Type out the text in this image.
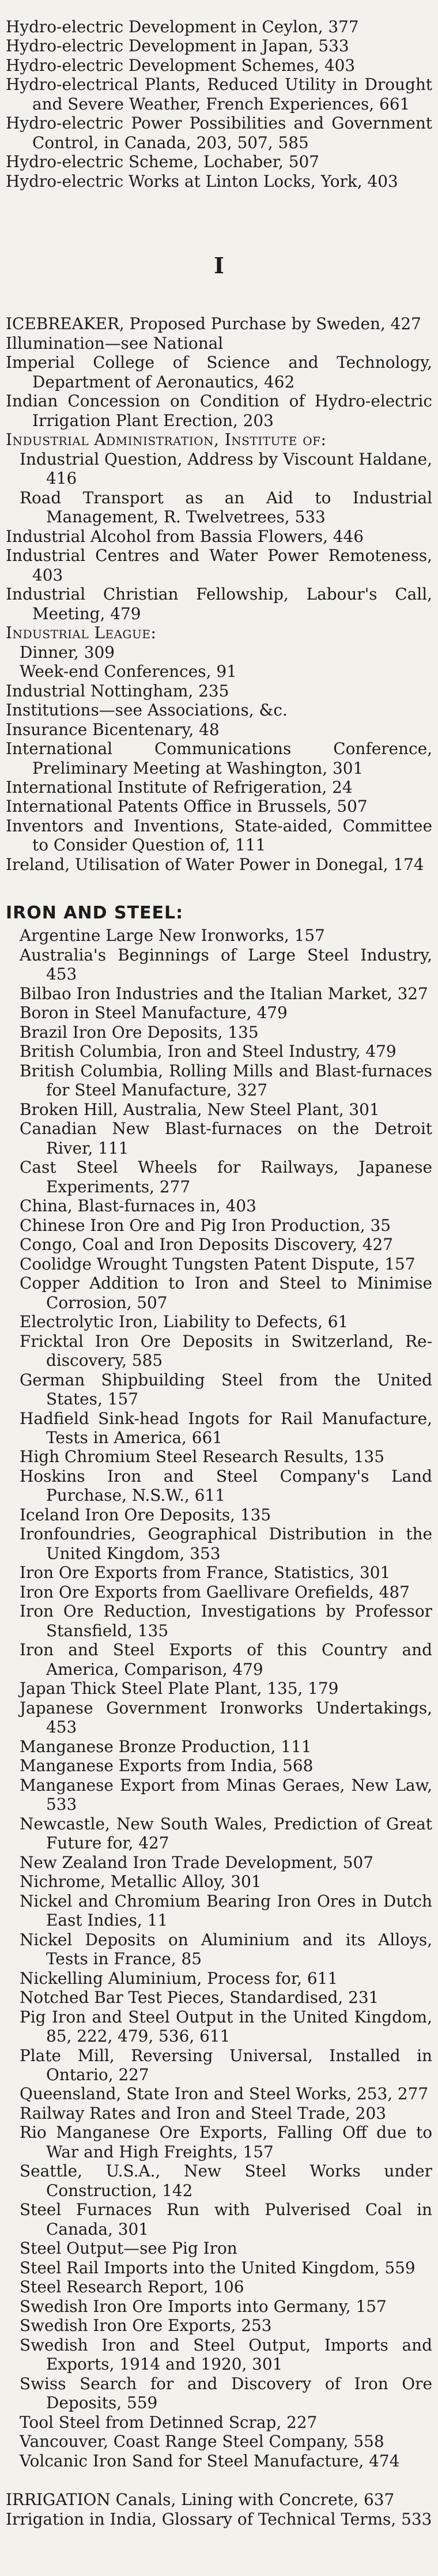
Hydro-electric Development in Ceylon, 377
Hydro-electric Development in Japan, 533
Hydro-electric Development Schemes, 403
Hydro-electrical Plants, Reduced Utility in Drought and Severe Weather, French Experiences, 661
Hydro-electric Power Possibilities and Government Control, in Canada, 203, 507, 585
Hydro-electric Scheme, Lochaber, 507
Hydro-electric Works at Linton Locks, York, 403
I
ICEBREAKER, Proposed Purchase by Sweden, 427
Illumination—see National
Imperial College of Science and Technology, Department of Aeronautics, 462
Indian Concession on Condition of Hydro-electric Irrigation Plant Erection, 203
Industrial Administration, Institute of:
Industrial Question, Address by Viscount Haldane, 416
Road Transport as an Aid to Industrial Management, R. Twelvetrees, 533
Industrial Alcohol from Bassia Flowers, 446
Industrial Centres and Water Power Remoteness, 403
Industrial Christian Fellowship, Labour's Call, Meeting, 479
Industrial League:
Dinner, 309
Week-end Conferences, 91
Industrial Nottingham, 235
Institutions—see Associations, &c.
Insurance Bicentenary, 48
International Communications Conference, Preliminary Meeting at Washington, 301
International Institute of Refrigeration, 24
International Patents Office in Brussels, 507
Inventors and Inventions, State-aided, Committee to Consider Question of, 111
Ireland, Utilisation of Water Power in Donegal, 174
IRON AND STEEL:
Argentine Large New Ironworks, 157
Australia's Beginnings of Large Steel Industry, 453
Bilbao Iron Industries and the Italian Market, 327
Boron in Steel Manufacture, 479
Brazil Iron Ore Deposits, 135
British Columbia, Iron and Steel Industry, 479
British Columbia, Rolling Mills and Blast-furnaces for Steel Manufacture, 327
Broken Hill, Australia, New Steel Plant, 301
Canadian New Blast-furnaces on the Detroit River, 111
Cast Steel Wheels for Railways, Japanese Experiments, 277
China, Blast-furnaces in, 403
Chinese Iron Ore and Pig Iron Production, 35
Congo, Coal and Iron Deposits Discovery, 427
Coolidge Wrought Tungsten Patent Dispute, 157
Copper Addition to Iron and Steel to Minimise Corrosion, 507
Electrolytic Iron, Liability to Defects, 61
Fricktal Iron Ore Deposits in Switzerland, Re-discovery, 585
German Shipbuilding Steel from the United States, 157
Hadfield Sink-head Ingots for Rail Manufacture, Tests in America, 661
High Chromium Steel Research Results, 135
Hoskins Iron and Steel Company's Land Purchase, N.S.W., 611
Iceland Iron Ore Deposits, 135
Ironfoundries, Geographical Distribution in the United Kingdom, 353
Iron Ore Exports from France, Statistics, 301
Iron Ore Exports from Gaellivare Orefields, 487
Iron Ore Reduction, Investigations by Professor Stansfield, 135
Iron and Steel Exports of this Country and America, Comparison, 479
Japan Thick Steel Plate Plant, 135, 179
Japanese Government Ironworks Undertakings, 453
Manganese Bronze Production, 111
Manganese Exports from India, 568
Manganese Export from Minas Geraes, New Law, 533
Newcastle, New South Wales, Prediction of Great Future for, 427
New Zealand Iron Trade Development, 507
Nichrome, Metallic Alloy, 301
Nickel and Chromium Bearing Iron Ores in Dutch East Indies, 11
Nickel Deposits on Aluminium and its Alloys, Tests in France, 85
Nickelling Aluminium, Process for, 611
Notched Bar Test Pieces, Standardised, 231
Pig Iron and Steel Output in the United Kingdom, 85, 222, 479, 536, 611
Plate Mill, Reversing Universal, Installed in Ontario, 227
Queensland, State Iron and Steel Works, 253, 277
Railway Rates and Iron and Steel Trade, 203
Rio Manganese Ore Exports, Falling Off due to War and High Freights, 157
Seattle, U.S.A., New Steel Works under Construction, 142
Steel Furnaces Run with Pulverised Coal in Canada, 301
Steel Output—see Pig Iron
Steel Rail Imports into the United Kingdom, 559
Steel Research Report, 106
Swedish Iron Ore Imports into Germany, 157
Swedish Iron Ore Exports, 253
Swedish Iron and Steel Output, Imports and Exports, 1914 and 1920, 301
Swiss Search for and Discovery of Iron Ore Deposits, 559
Tool Steel from Detinned Scrap, 227
Vancouver, Coast Range Steel Company, 558
Volcanic Iron Sand for Steel Manufacture, 474
IRRIGATION Canals, Lining with Concrete, 637
Irrigation in India, Glossary of Technical Terms, 533
